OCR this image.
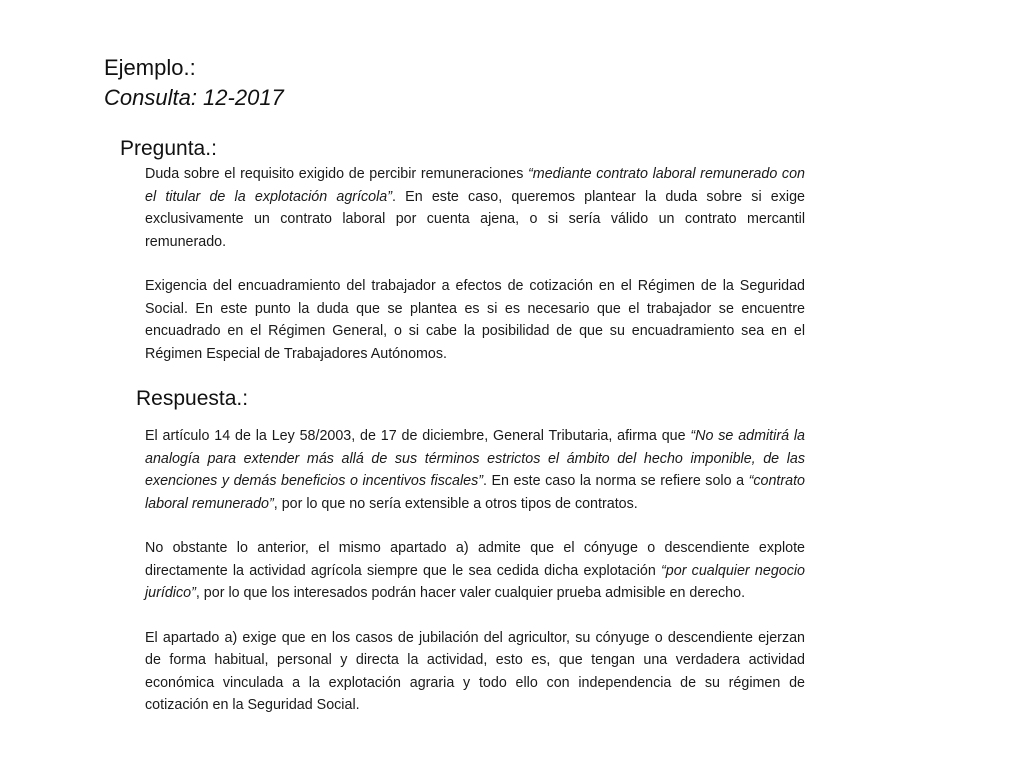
Ejemplo.:
Consulta: 12-2017
Pregunta.:

Duda sobre el requisito exigido de percibir remuneraciones “mediante contrato laboral remunerado con el titular de la explotación agrícola”. En este caso, queremos plantear la duda sobre si exige exclusivamente un contrato laboral por cuenta ajena, o si sería válido un contrato mercantil remunerado.

Exigencia del encuadramiento del trabajador a efectos de cotización en el Régimen de la Seguridad Social. En este punto la duda que se plantea es si es necesario que el trabajador se encuentre encuadrado en el Régimen General, o si cabe la posibilidad de que su encuadramiento sea en el Régimen Especial de Trabajadores Autónomos.

Respuesta.:

El artículo 14 de la Ley 58/2003, de 17 de diciembre, General Tributaria, afirma que “No se admitirá la analogía para extender más allá de sus términos estrictos el ámbito del hecho imponible, de las exenciones y demás beneficios o incentivos fiscales”. En este caso la norma se refiere solo a “contrato laboral remunerado”, por lo que no sería extensible a otros tipos de contratos.

No obstante lo anterior, el mismo apartado a) admite que el cónyuge o descendiente explote directamente la actividad agrícola siempre que le sea cedida dicha explotación “por cualquier negocio jurídico”, por lo que los interesados podrán hacer valer cualquier prueba admisible en derecho.

El apartado a) exige que en los casos de jubilación del agricultor, su cónyuge o descendiente ejerzan de forma habitual, personal y directa la actividad, esto es, que tengan una verdadera actividad económica vinculada a la explotación agraria y todo ello con independencia de su régimen de cotización en la Seguridad Social.
